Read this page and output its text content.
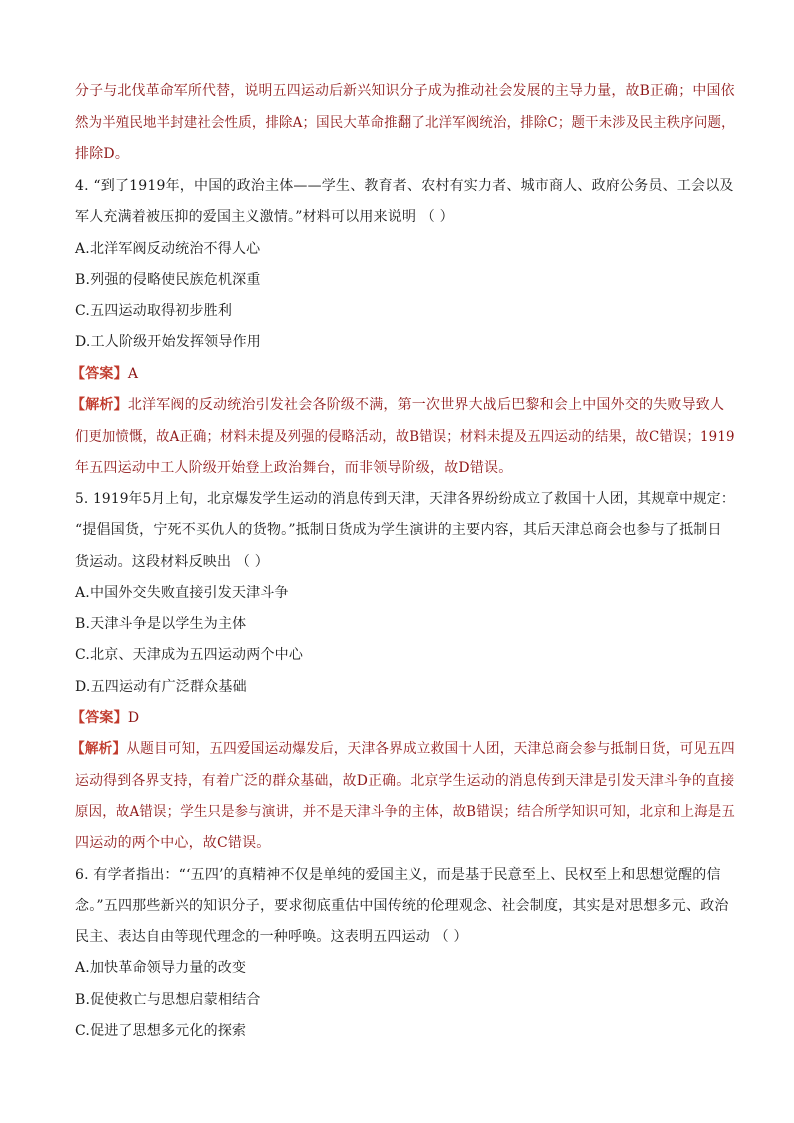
分子与北伐革命军所代替，说明五四运动后新兴知识分子成为推动社会发展的主导力量，故B正确；中国依
然为半殖民地半封建社会性质，排除A；国民大革命推翻了北洋军阀统治，排除C；题干未涉及民主秩序问题，
排除D。
4. “到了1919年，中国的政治主体——学生、教育者、农村有实力者、城市商人、政府公务员、工会以及
军人充满着被压抑的爱国主义激情。”材料可以用来说明 （ ）
A.北洋军阀反动统治不得人心
B.列强的侵略使民族危机深重
C.五四运动取得初步胜利
D.工人阶级开始发挥领导作用
【答案】A
【解析】北洋军阀的反动统治引发社会各阶级不满，第一次世界大战后巴黎和会上中国外交的失败导致人
们更加愤慨，故A正确；材料未提及列强的侵略活动，故B错误；材料未提及五四运动的结果，故C错误；1919
年五四运动中工人阶级开始登上政治舞台，而非领导阶级，故D错误。
5. 1919年5月上旬，北京爆发学生运动的消息传到天津，天津各界纷纷成立了救国十人团，其规章中规定：
“提倡国货，宁死不买仇人的货物。”抵制日货成为学生演讲的主要内容，其后天津总商会也参与了抵制日
货运动。这段材料反映出 （ ）
A.中国外交失败直接引发天津斗争
B.天津斗争是以学生为主体
C.北京、天津成为五四运动两个中心
D.五四运动有广泛群众基础
【答案】D
【解析】从题目可知，五四爱国运动爆发后，天津各界成立救国十人团，天津总商会参与抵制日货，可见五四
运动得到各界支持，有着广泛的群众基础，故D正确。北京学生运动的消息传到天津是引发天津斗争的直接
原因，故A错误；学生只是参与演讲，并不是天津斗争的主体，故B错误；结合所学知识可知，北京和上海是五
四运动的两个中心，故C错误。
6. 有学者指出：“‘五四’的真精神不仅是单纯的爱国主义，而是基于民意至上、民权至上和思想觉醒的信
念。”五四那些新兴的知识分子，要求彻底重估中国传统的伦理观念、社会制度，其实是对思想多元、政治
民主、表达自由等现代理念的一种呼唤。这表明五四运动 （ ）
A.加快革命领导力量的改变
B.促使救亡与思想启蒙相结合
C.促进了思想多元化的探索
